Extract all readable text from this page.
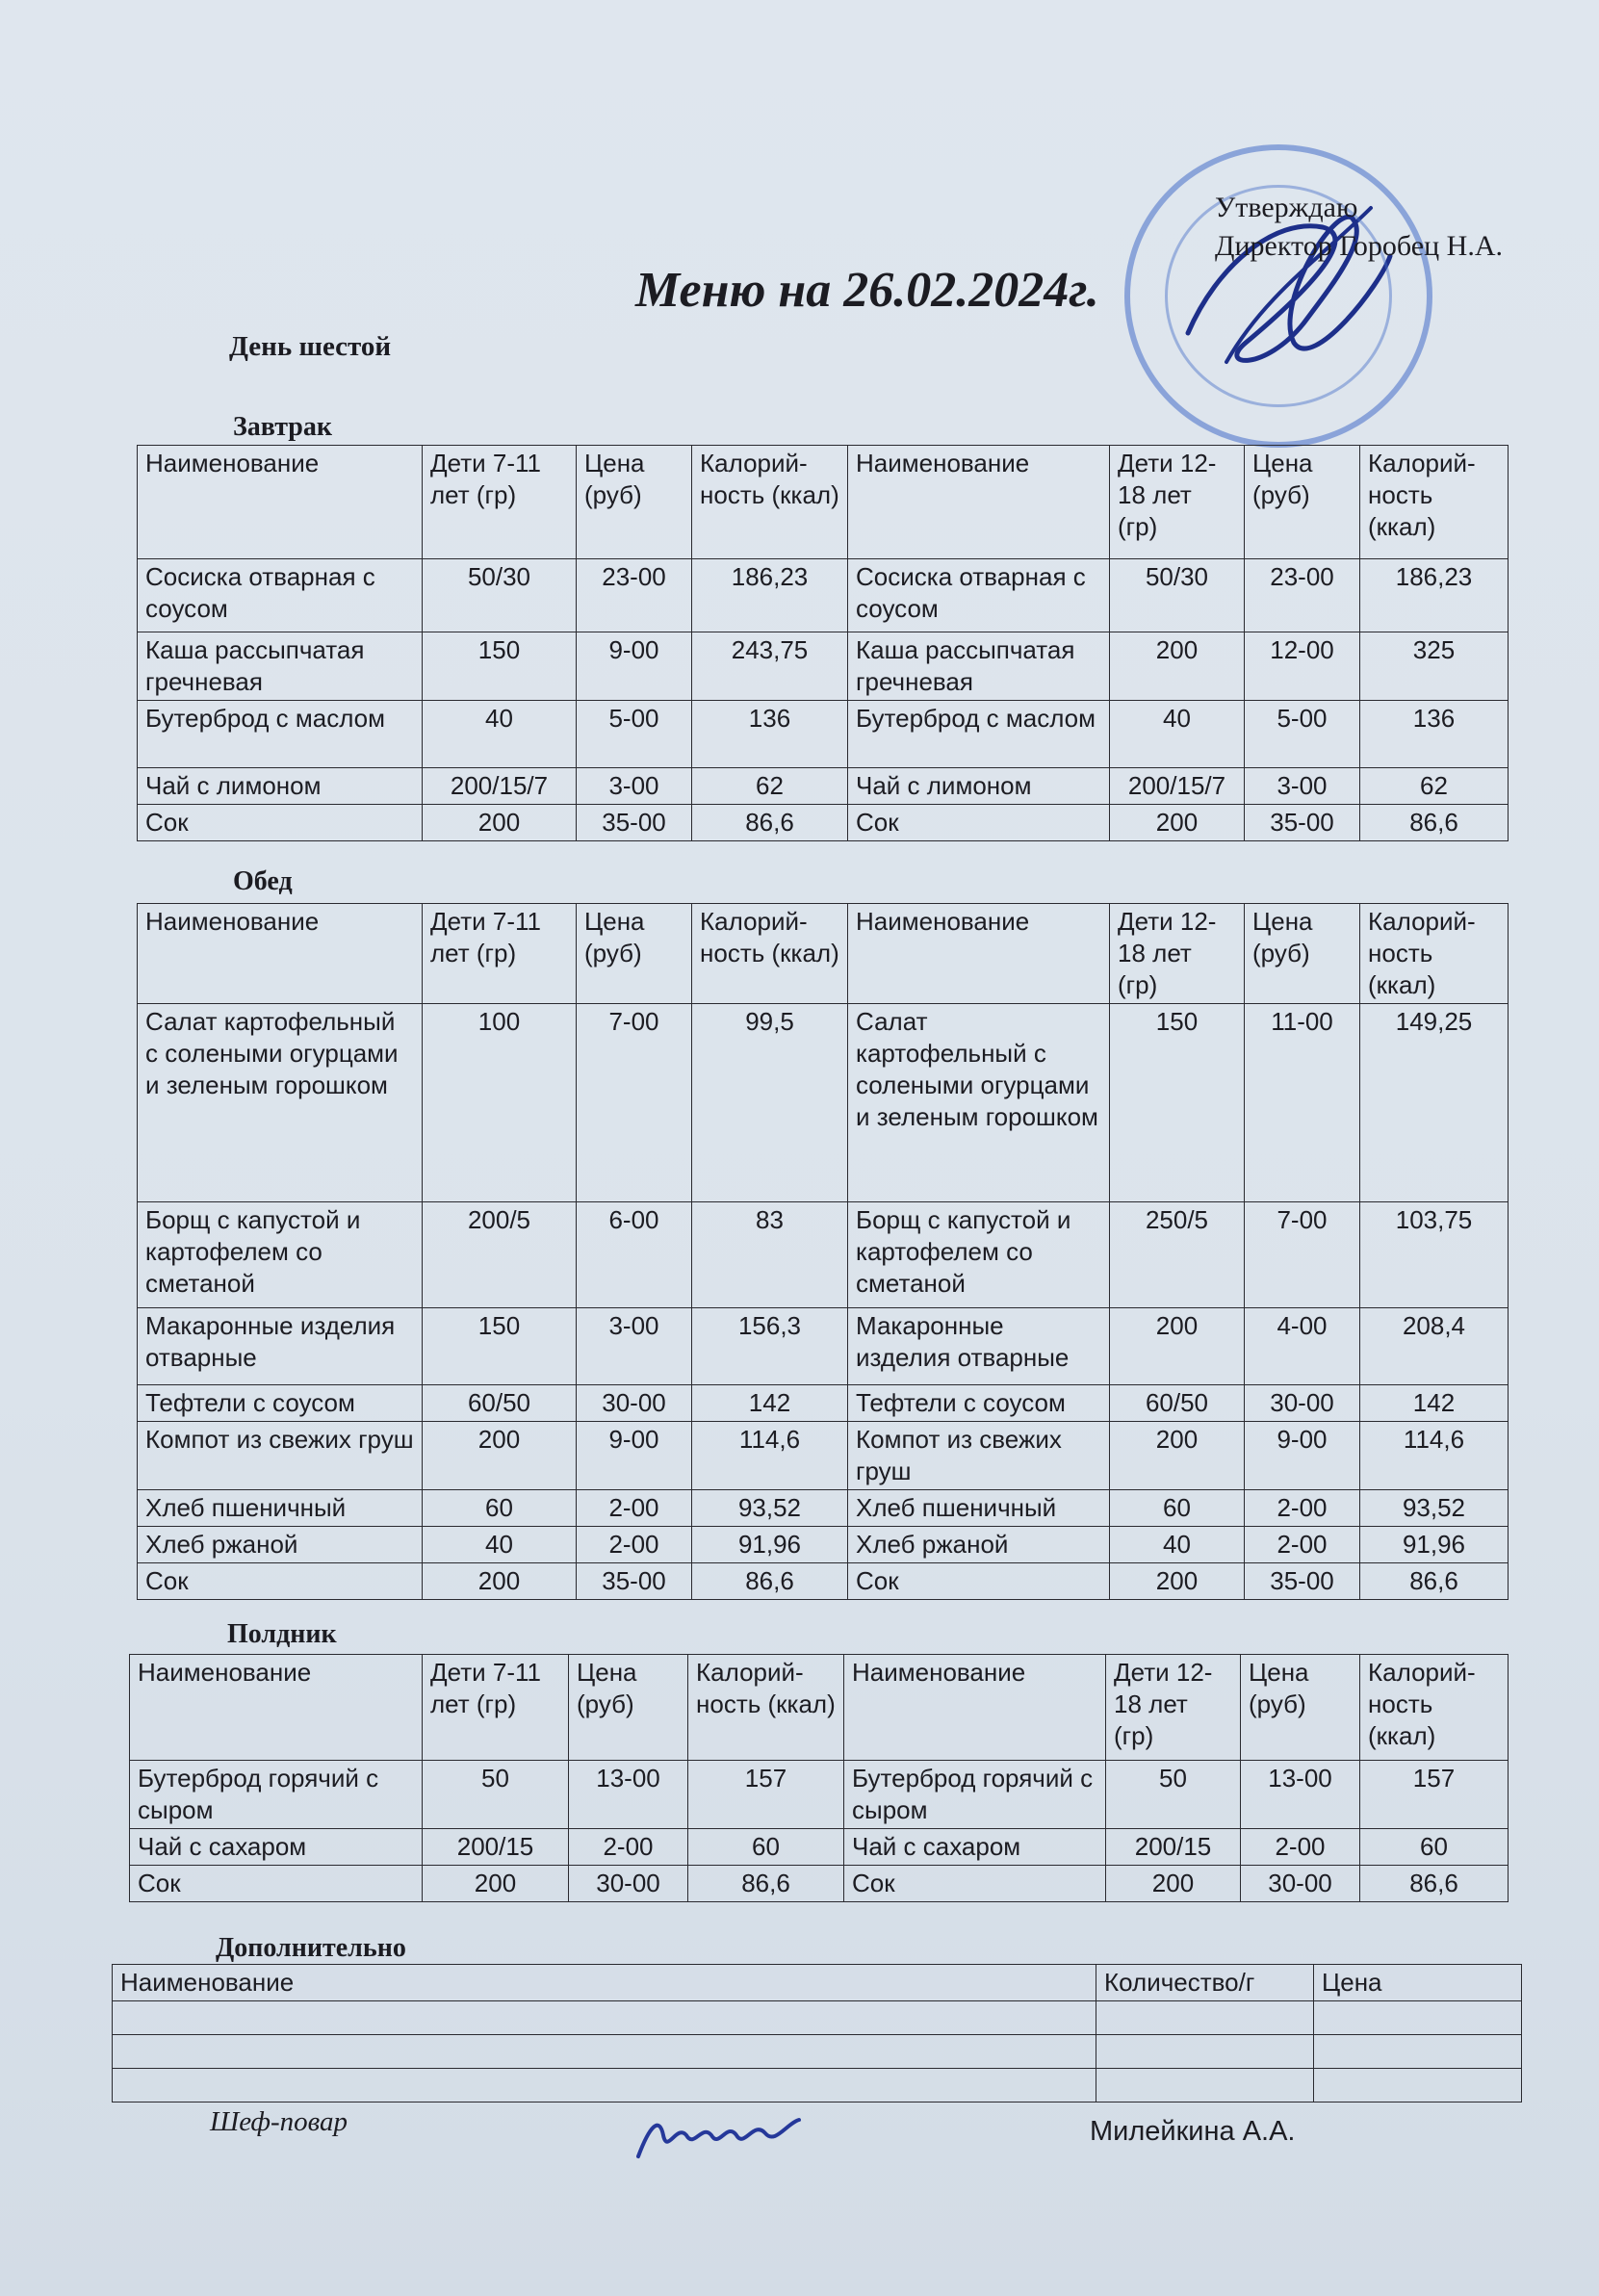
Утверждаю
Директор Горобец Н.А.
Меню на 26.02.2024г.
День шестой
Завтрак
Наименование	Дети 7-11 лет (гр)	Цена (руб)	Калорий-ность (ккал)	Наименование	Дети 12-18 лет (гр)	Цена (руб)	Калорий-ность (ккал)
Сосиска отварная с соусом	50/30	23-00	186,23	Сосиска отварная с соусом	50/30	23-00	186,23
Каша рассыпчатая гречневая	150	9-00	243,75	Каша рассыпчатая гречневая	200	12-00	325
Бутерброд с маслом	40	5-00	136	Бутерброд с маслом	40	5-00	136
Чай с лимоном	200/15/7	3-00	62	Чай с лимоном	200/15/7	3-00	62
Сок	200	35-00	86,6	Сок	200	35-00	86,6
Обед
Наименование	Дети 7-11 лет (гр)	Цена (руб)	Калорий-ность (ккал)	Наименование	Дети 12-18 лет (гр)	Цена (руб)	Калорий-ность (ккал)
Салат картофельный с солеными огурцами и зеленым горошком	100	7-00	99,5	Салат картофельный с солеными огурцами и зеленым горошком	150	11-00	149,25
Борщ с капустой и картофелем со сметаной	200/5	6-00	83	Борщ с капустой и картофелем со сметаной	250/5	7-00	103,75
Макаронные изделия отварные	150	3-00	156,3	Макаронные изделия отварные	200	4-00	208,4
Тефтели с соусом	60/50	30-00	142	Тефтели с соусом	60/50	30-00	142
Компот из свежих груш	200	9-00	114,6	Компот из свежих груш	200	9-00	114,6
Хлеб пшеничный	60	2-00	93,52	Хлеб пшеничный	60	2-00	93,52
Хлеб ржаной	40	2-00	91,96	Хлеб ржаной	40	2-00	91,96
Сок	200	35-00	86,6	Сок	200	35-00	86,6
Полдник
Наименование	Дети 7-11 лет (гр)	Цена (руб)	Калорий-ность (ккал)	Наименование	Дети 12-18 лет (гр)	Цена (руб)	Калорий-ность (ккал)
Бутерброд горячий с сыром	50	13-00	157	Бутерброд горячий с сыром	50	13-00	157
Чай с сахаром	200/15	2-00	60	Чай с сахаром	200/15	2-00	60
Сок	200	30-00	86,6	Сок	200	30-00	86,6
Дополнительно
Наименование	Количество/г	Цена

Шеф-повар	Милейкина А.А.
